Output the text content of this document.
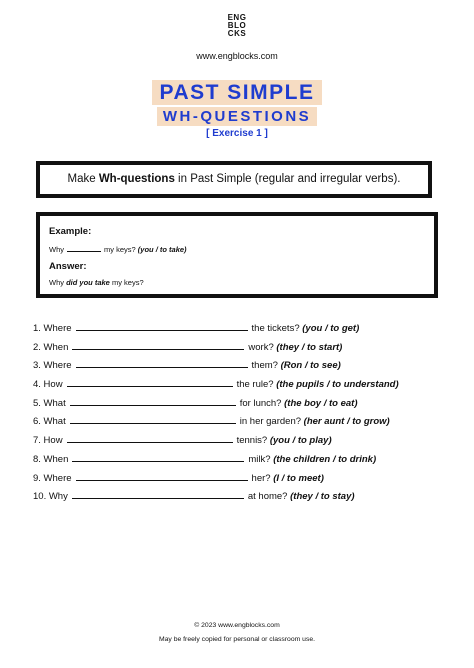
ENG
BLO
CKS
www.engblocks.com
PAST SIMPLE
WH-QUESTIONS
[ Exercise 1 ]
Make Wh-questions in Past Simple (regular and irregular verbs).
Example:
Why	my keys? (you / to take)
Answer:
Why did you take my keys?
1. Where	the tickets? (you / to get)
2. When	work? (they / to start)
3. Where	them? (Ron / to see)
4. How	the rule? (the pupils / to understand)
5. What	for lunch? (the boy / to eat)
6. What	in her garden? (her aunt / to grow)
7. How	tennis? (you / to play)
8. When	milk? (the children / to drink)
9. Where	her? (I / to meet)
10. Why	at home? (they / to stay)
© 2023 www.engblocks.com
May be freely copied for personal or classroom use.
